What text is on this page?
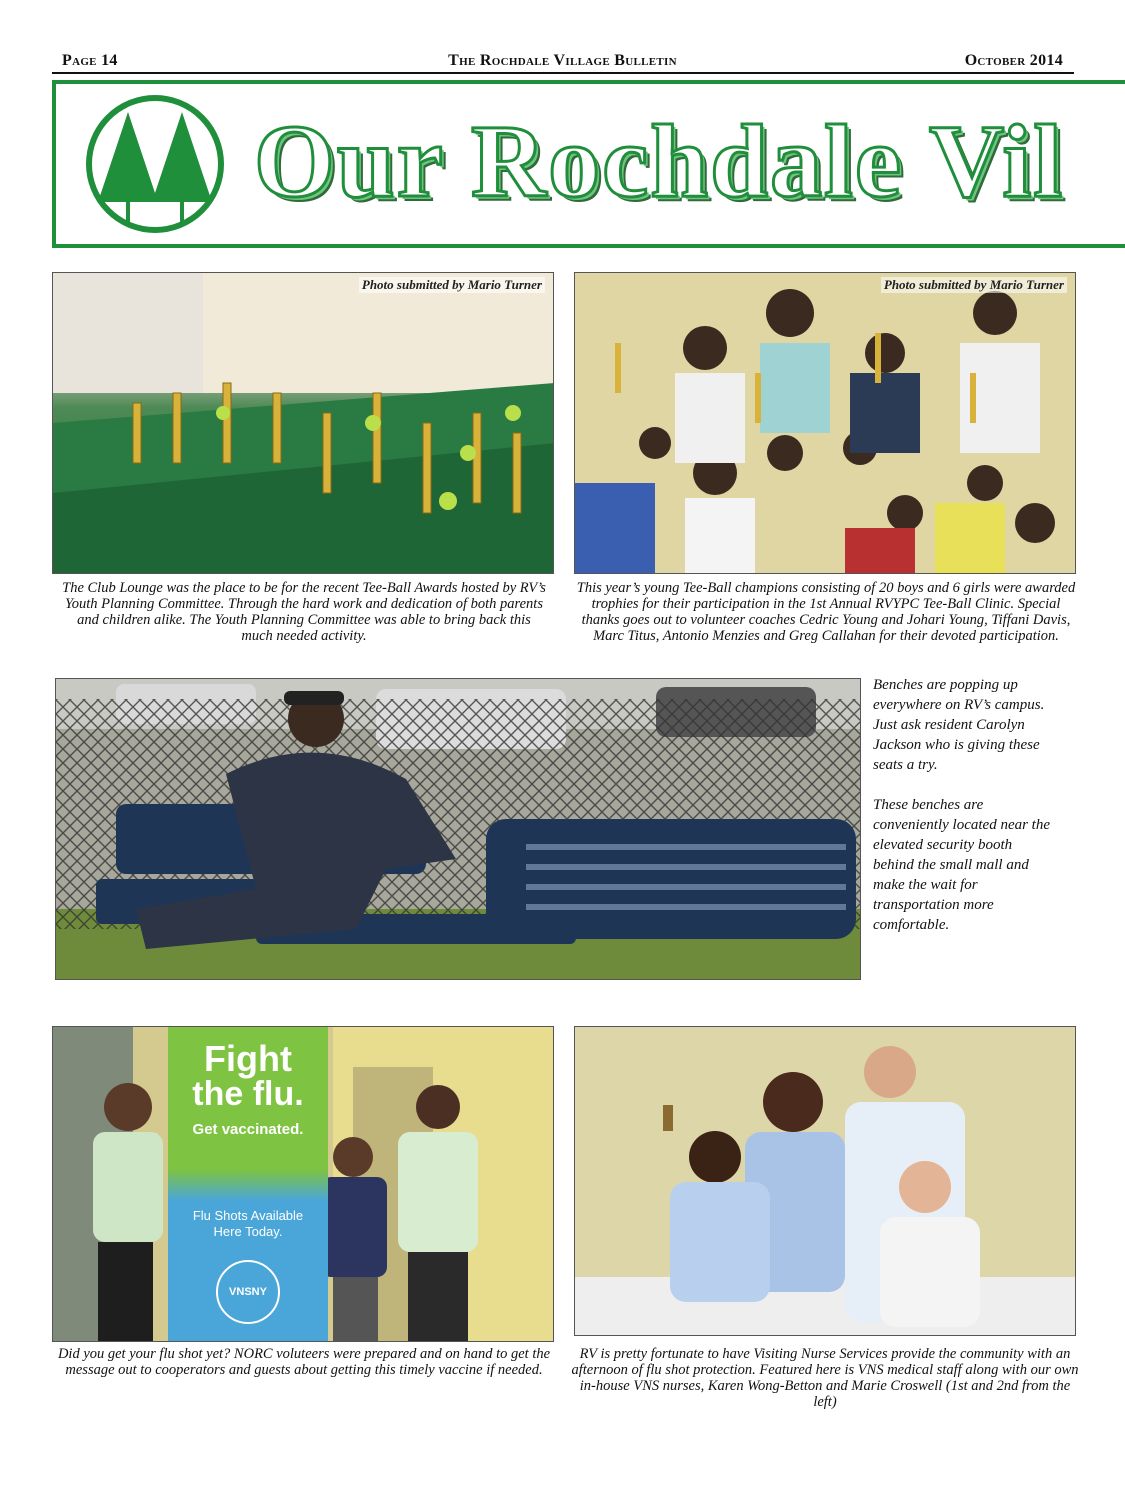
Page 14	The Rochdale Village Bulletin	October 2014
Our Rochdale Vil
Photo submitted by Mario Turner
The Club Lounge was the place to be for the recent Tee-Ball Awards hosted by RV’s Youth Planning Committee. Through the hard work and dedication of both parents and children alike. The Youth Planning Committee was able to bring back this much needed activity.
Photo submitted by Mario Turner
This year’s young Tee-Ball champions consisting of 20 boys and 6 girls were awarded trophies for their participation in the 1st Annual RVYPC Tee-Ball Clinic. Special thanks goes out to volunteer coaches Cedric Young and Johari Young, Tiffani Davis, Marc Titus, Antonio Menzies and Greg Callahan for their devoted participation.

Benches are popping up everywhere on RV’s campus. Just ask resident Carolyn Jackson who is giving these seats a try.

These benches are conveniently located near the elevated security booth behind the small mall and make the wait for transportation more comfortable.

Fight
the flu.
Get vaccinated.
Flu Shots Available Here Today.
VNSNY
Did you get your flu shot yet? NORC voluteers were prepared and on hand to get the message out to cooperators and guests about getting this timely vaccine if needed.
RV is pretty fortunate to have Visiting Nurse Services provide the community with an afternoon of flu shot protection. Featured here is VNS medical staff along with our own in-house VNS nurses, Karen Wong-Betton and Marie Croswell (1st and 2nd from the left)
